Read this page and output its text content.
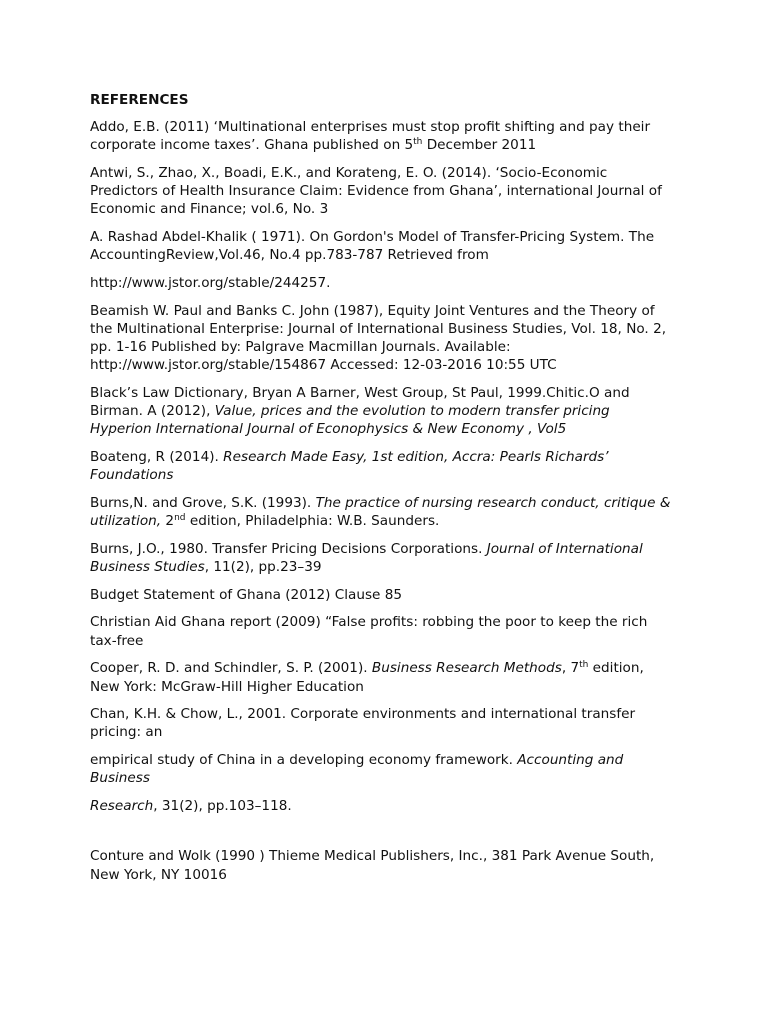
REFERENCES
Addo, E.B. (2011) ‘Multinational enterprises must stop profit shifting and pay their corporate income taxes’. Ghana published on 5th December 2011
Antwi, S., Zhao, X., Boadi, E.K., and Korateng, E. O. (2014). ‘Socio-Economic Predictors of Health Insurance Claim: Evidence from Ghana’, international Journal of Economic and Finance; vol.6, No. 3
A. Rashad Abdel-Khalik ( 1971). On Gordon's Model of Transfer-Pricing System. The AccountingReview,Vol.46, No.4 pp.783-787 Retrieved from
http://www.jstor.org/stable/244257.
Beamish W. Paul and Banks C. John (1987), Equity Joint Ventures and the Theory of the Multinational Enterprise: Journal of International Business Studies, Vol. 18, No. 2, pp. 1-16 Published by: Palgrave Macmillan Journals. Available: http://www.jstor.org/stable/154867 Accessed: 12-03-2016 10:55 UTC
Black’s Law Dictionary, Bryan A Barner, West Group, St Paul, 1999.Chitic.O and Birman. A (2012), Value, prices and the evolution to modern transfer pricing Hyperion International Journal of Econophysics & New Economy , Vol5
Boateng, R (2014). Research Made Easy, 1st edition, Accra: Pearls Richards’ Foundations
Burns,N. and Grove, S.K. (1993). The practice of nursing research conduct, critique & utilization, 2nd edition, Philadelphia: W.B. Saunders.
Burns, J.O., 1980. Transfer Pricing Decisions Corporations. Journal of International Business Studies, 11(2), pp.23–39
Budget Statement of Ghana (2012) Clause 85
Christian Aid Ghana report (2009) “False profits: robbing the poor to keep the rich tax-free
Cooper, R. D. and Schindler, S. P. (2001). Business Research Methods, 7th edition, New York: McGraw-Hill Higher Education
Chan, K.H. & Chow, L., 2001. Corporate environments and international transfer pricing: an
empirical study of China in a developing economy framework. Accounting and Business
Research, 31(2), pp.103–118.
Conture and Wolk (1990 ) Thieme Medical Publishers, Inc., 381 Park Avenue South, New York, NY 10016
